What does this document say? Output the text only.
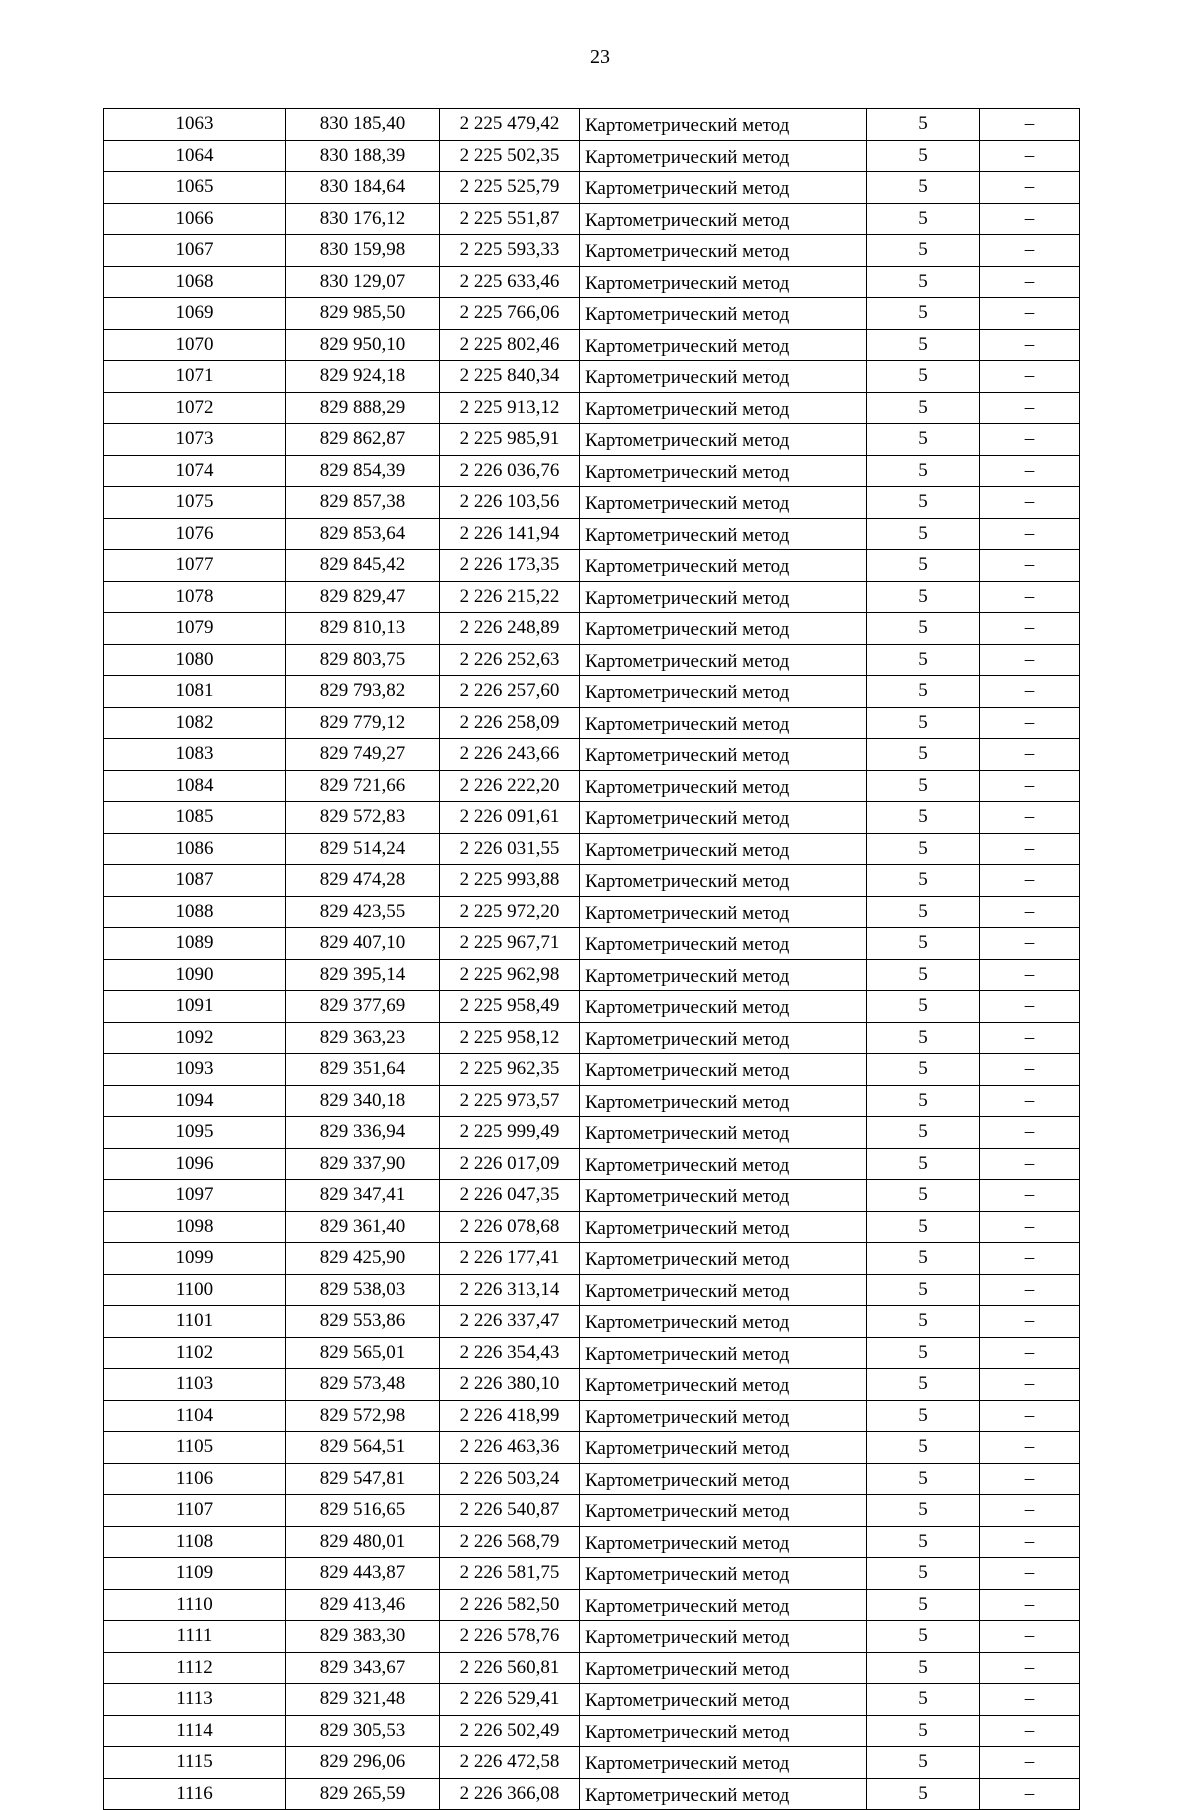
23
1063	830 185,40	2 225 479,42	Картометрический метод	5	–
1064	830 188,39	2 225 502,35	Картометрический метод	5	–
1065	830 184,64	2 225 525,79	Картометрический метод	5	–
1066	830 176,12	2 225 551,87	Картометрический метод	5	–
1067	830 159,98	2 225 593,33	Картометрический метод	5	–
1068	830 129,07	2 225 633,46	Картометрический метод	5	–
1069	829 985,50	2 225 766,06	Картометрический метод	5	–
1070	829 950,10	2 225 802,46	Картометрический метод	5	–
1071	829 924,18	2 225 840,34	Картометрический метод	5	–
1072	829 888,29	2 225 913,12	Картометрический метод	5	–
1073	829 862,87	2 225 985,91	Картометрический метод	5	–
1074	829 854,39	2 226 036,76	Картометрический метод	5	–
1075	829 857,38	2 226 103,56	Картометрический метод	5	–
1076	829 853,64	2 226 141,94	Картометрический метод	5	–
1077	829 845,42	2 226 173,35	Картометрический метод	5	–
1078	829 829,47	2 226 215,22	Картометрический метод	5	–
1079	829 810,13	2 226 248,89	Картометрический метод	5	–
1080	829 803,75	2 226 252,63	Картометрический метод	5	–
1081	829 793,82	2 226 257,60	Картометрический метод	5	–
1082	829 779,12	2 226 258,09	Картометрический метод	5	–
1083	829 749,27	2 226 243,66	Картометрический метод	5	–
1084	829 721,66	2 226 222,20	Картометрический метод	5	–
1085	829 572,83	2 226 091,61	Картометрический метод	5	–
1086	829 514,24	2 226 031,55	Картометрический метод	5	–
1087	829 474,28	2 225 993,88	Картометрический метод	5	–
1088	829 423,55	2 225 972,20	Картометрический метод	5	–
1089	829 407,10	2 225 967,71	Картометрический метод	5	–
1090	829 395,14	2 225 962,98	Картометрический метод	5	–
1091	829 377,69	2 225 958,49	Картометрический метод	5	–
1092	829 363,23	2 225 958,12	Картометрический метод	5	–
1093	829 351,64	2 225 962,35	Картометрический метод	5	–
1094	829 340,18	2 225 973,57	Картометрический метод	5	–
1095	829 336,94	2 225 999,49	Картометрический метод	5	–
1096	829 337,90	2 226 017,09	Картометрический метод	5	–
1097	829 347,41	2 226 047,35	Картометрический метод	5	–
1098	829 361,40	2 226 078,68	Картометрический метод	5	–
1099	829 425,90	2 226 177,41	Картометрический метод	5	–
1100	829 538,03	2 226 313,14	Картометрический метод	5	–
1101	829 553,86	2 226 337,47	Картометрический метод	5	–
1102	829 565,01	2 226 354,43	Картометрический метод	5	–
1103	829 573,48	2 226 380,10	Картометрический метод	5	–
1104	829 572,98	2 226 418,99	Картометрический метод	5	–
1105	829 564,51	2 226 463,36	Картометрический метод	5	–
1106	829 547,81	2 226 503,24	Картометрический метод	5	–
1107	829 516,65	2 226 540,87	Картометрический метод	5	–
1108	829 480,01	2 226 568,79	Картометрический метод	5	–
1109	829 443,87	2 226 581,75	Картометрический метод	5	–
1110	829 413,46	2 226 582,50	Картометрический метод	5	–
1111	829 383,30	2 226 578,76	Картометрический метод	5	–
1112	829 343,67	2 226 560,81	Картометрический метод	5	–
1113	829 321,48	2 226 529,41	Картометрический метод	5	–
1114	829 305,53	2 226 502,49	Картометрический метод	5	–
1115	829 296,06	2 226 472,58	Картометрический метод	5	–
1116	829 265,59	2 226 366,08	Картометрический метод	5	–
